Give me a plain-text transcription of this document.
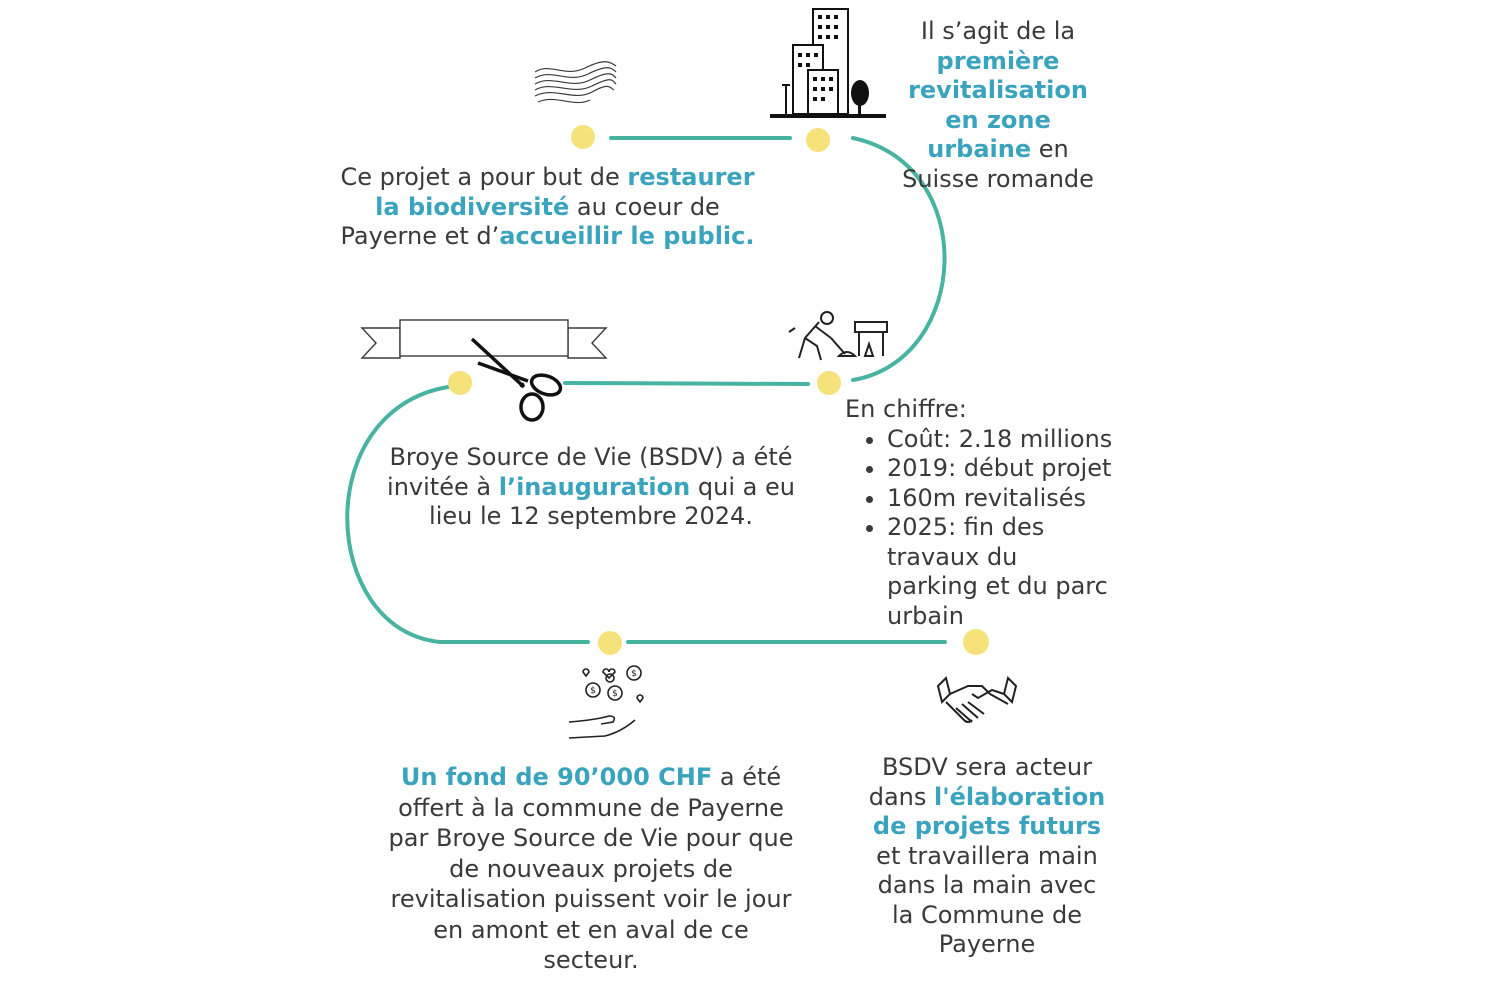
$ $
$
Il s’agit de la première revitalisation en zone urbaine en Suisse romande
Ce projet a pour but de restaurer la biodiversité au coeur de Payerne et d’accueillir le public.
En chiffre:
• Coût: 2.18 millions
• 2019: début projet
• 160m revitalisés
• 2025: fin des travaux du parking et du parc urbain
Broye Source de Vie (BSDV) a été invitée à l’inauguration qui a eu lieu le 12 septembre 2024.
Un fond de 90’000 CHF a été offert à la commune de Payerne par Broye Source de Vie pour que de nouveaux projets de revitalisation puissent voir le jour en amont et en aval de ce secteur.
BSDV sera acteur dans l'élaboration de projets futurs et travaillera main dans la main avec la Commune de Payerne
